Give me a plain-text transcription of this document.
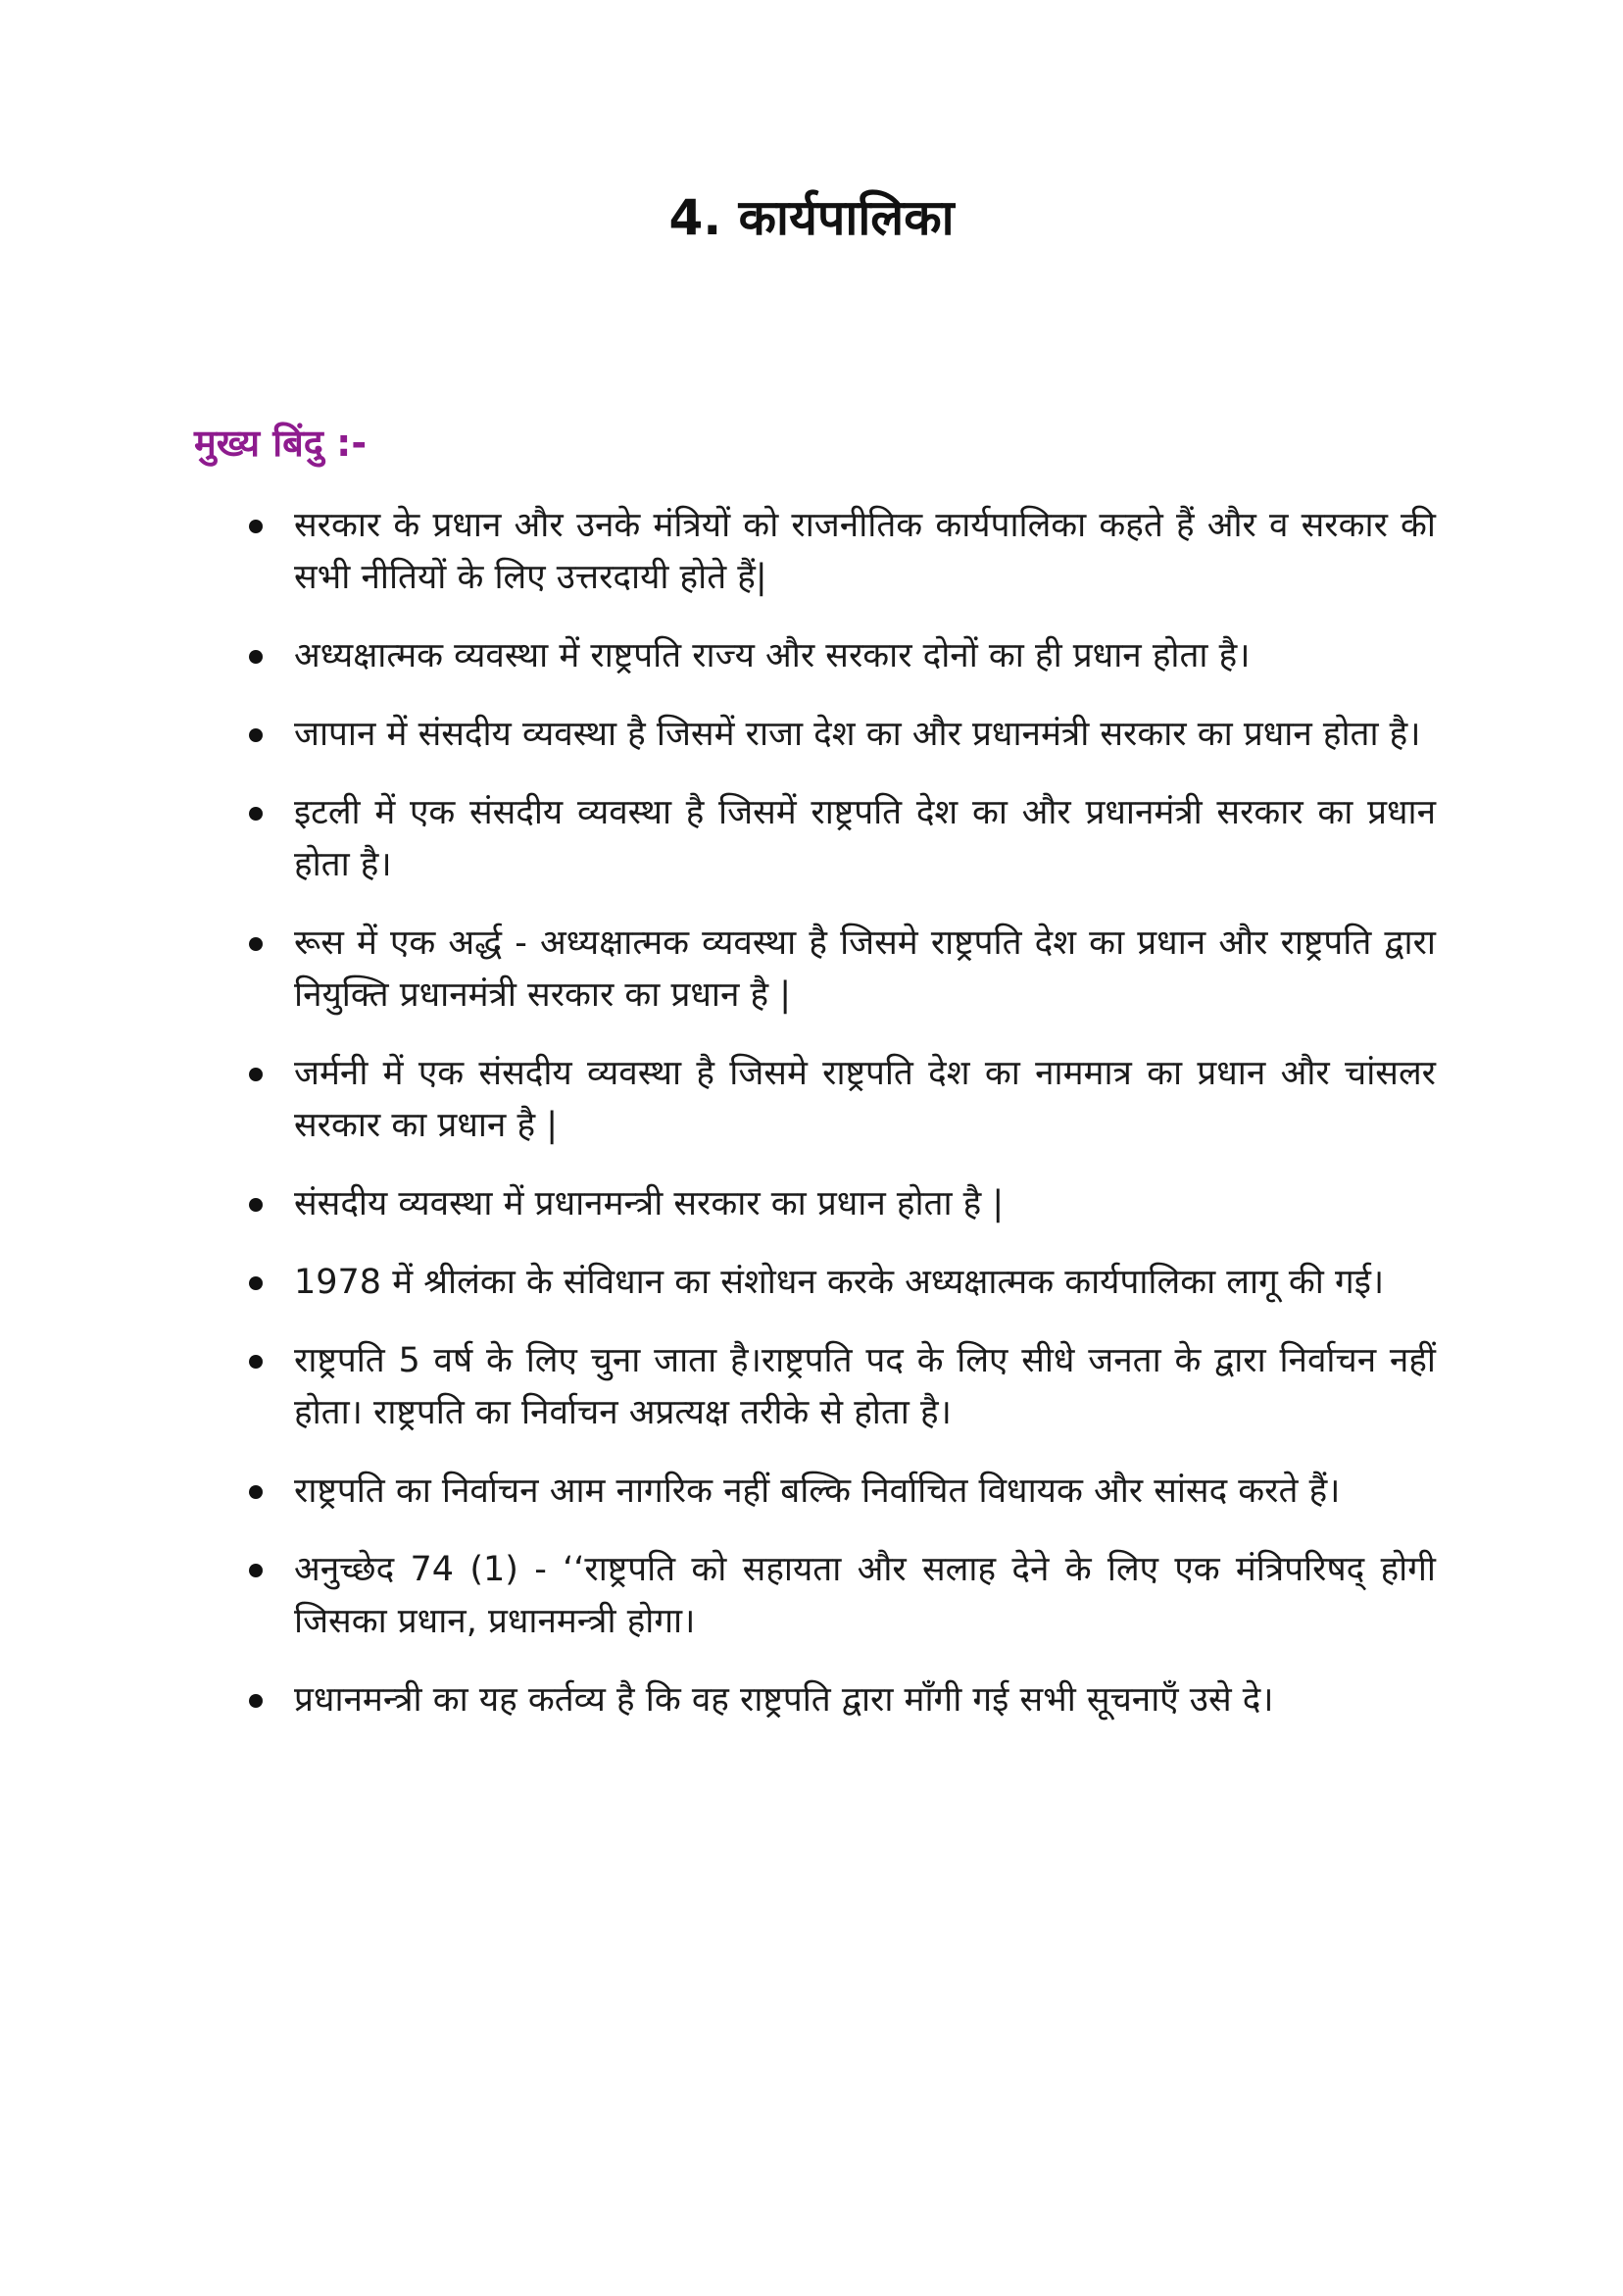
4. कार्यपालिका
मुख्य बिंदु :-
सरकार के प्रधान और उनके मंत्रियों को राजनीतिक कार्यपालिका कहते हैं और व सरकार की सभी नीतियों के लिए उत्तरदायी होते हैं|
अध्यक्षात्मक व्यवस्था में राष्ट्रपति राज्य और सरकार दोनों का ही प्रधान होता है।
जापान में संसदीय व्यवस्था है जिसमें राजा देश का और प्रधानमंत्री सरकार का प्रधान होता है।
इटली में एक संसदीय व्यवस्था है जिसमें राष्ट्रपति देश का और प्रधानमंत्री सरकार का प्रधान होता है।
रूस में एक अर्द्ध - अध्यक्षात्मक व्यवस्था है जिसमे राष्ट्रपति देश का प्रधान और राष्ट्रपति द्वारा नियुक्ति प्रधानमंत्री सरकार का प्रधान है |
जर्मनी में एक संसदीय व्यवस्था है जिसमे राष्ट्रपति देश का नाममात्र का प्रधान और चांसलर सरकार का प्रधान है |
संसदीय व्यवस्था में प्रधानमन्त्री सरकार का प्रधान होता है |
1978 में श्रीलंका के संविधान का संशोधन करके अध्यक्षात्मक कार्यपालिका लागू की गई।
राष्ट्रपति 5 वर्ष के लिए चुना जाता है।राष्ट्रपति पद के लिए सीधे जनता के द्वारा निर्वाचन नहीं होता। राष्ट्रपति का निर्वाचन अप्रत्यक्ष तरीके से होता है।
राष्ट्रपति का निर्वाचन आम नागरिक नहीं बल्कि निर्वाचित विधायक और सांसद करते हैं।
अनुच्छेद 74 (1) - ‘‘राष्ट्रपति को सहायता और सलाह देने के लिए एक मंत्रिपरिषद् होगी जिसका प्रधान, प्रधानमन्त्री होगा।
प्रधानमन्त्री का यह कर्तव्य है कि वह राष्ट्रपति द्वारा माँगी गई सभी सूचनाएँ उसे दे।
